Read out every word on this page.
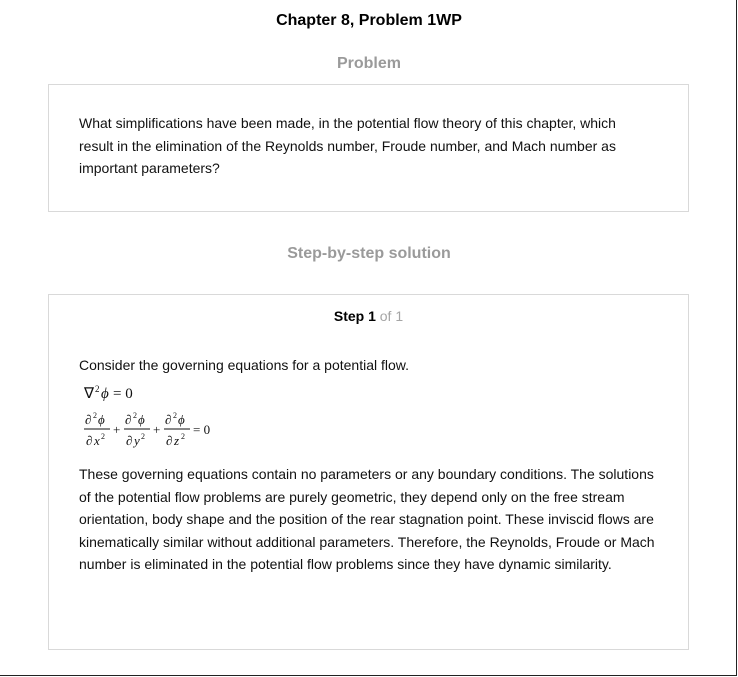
Chapter 8, Problem 1WP
Problem
What simplifications have been made, in the potential flow theory of this chapter, which result in the elimination of the Reynolds number, Froude number, and Mach number as important parameters?
Step-by-step solution
Step 1 of 1
Consider the governing equations for a potential flow.
∇ 2 ϕ = 0
∂ 2 ϕ
∂ x 2 +
∂ 2 ϕ
∂ y 2 +
∂ 2 ϕ
∂ z 2 = 0
These governing equations contain no parameters or any boundary conditions. The solutions of the potential flow problems are purely geometric, they depend only on the free stream orientation, body shape and the position of the rear stagnation point. These inviscid flows are kinematically similar without additional parameters. Therefore, the Reynolds, Froude or Mach number is eliminated in the potential flow problems since they have dynamic similarity.
